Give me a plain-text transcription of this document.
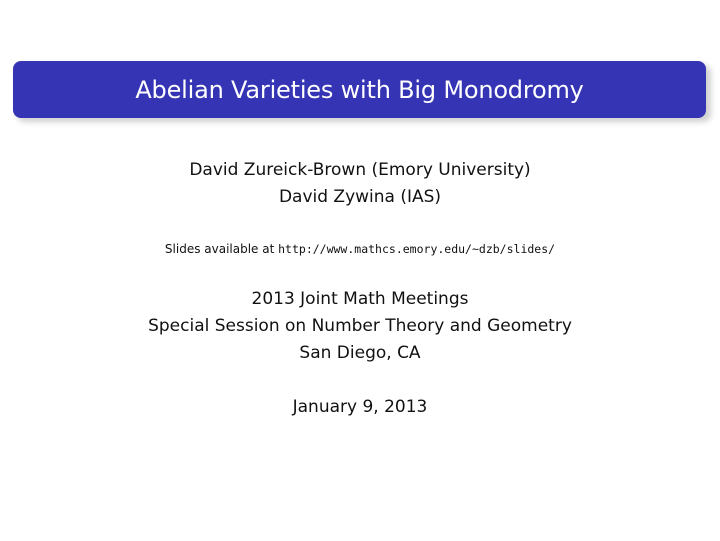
Abelian Varieties with Big Monodromy
David Zureick-Brown (Emory University)
David Zywina (IAS)
Slides available at http://www.mathcs.emory.edu/~dzb/slides/
2013 Joint Math Meetings
Special Session on Number Theory and Geometry
San Diego, CA
January 9, 2013
